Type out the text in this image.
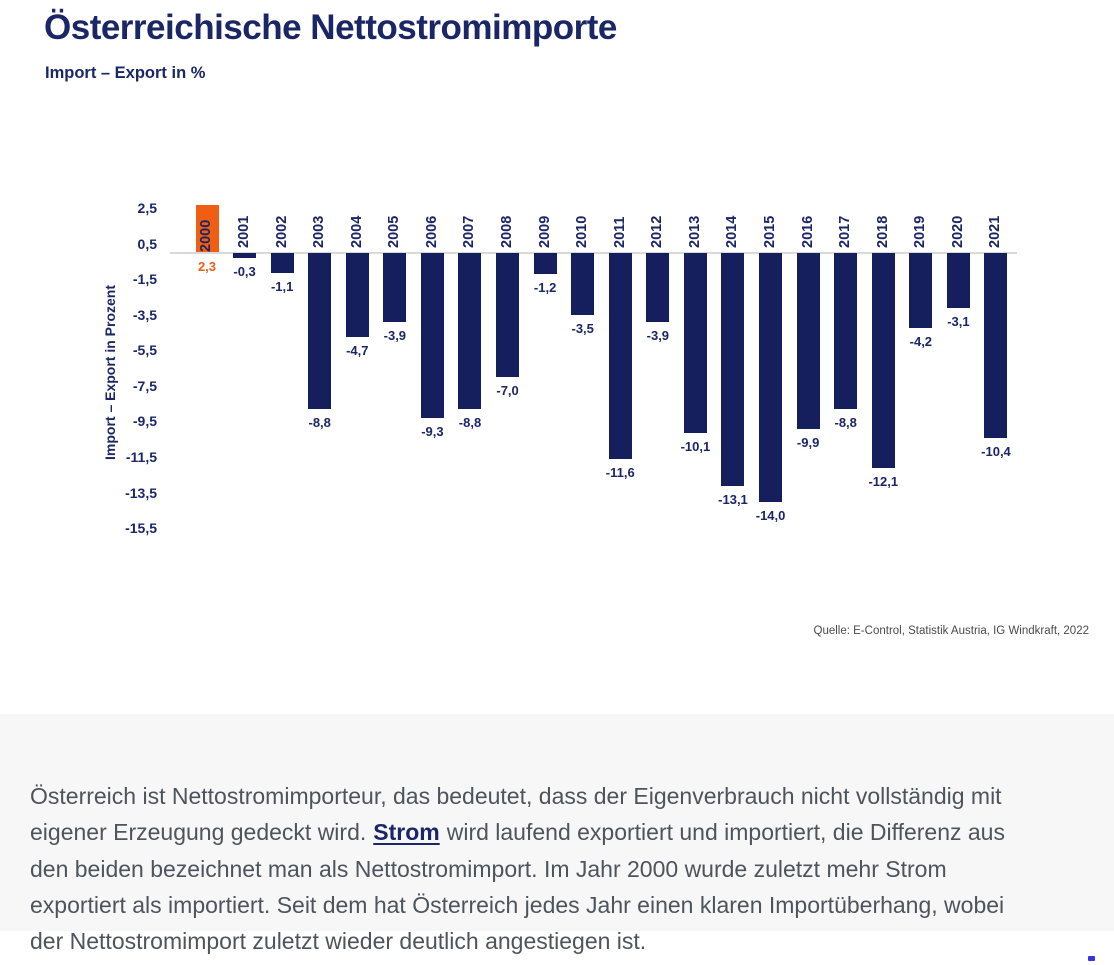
Österreichische Nettostromimporte
Import – Export in %
Import – Export in Prozent
2,5
0,5
-1,5
-3,5
-5,5
-7,5
-9,5
-11,5
-13,5
-15,5
2000
2,3
2001
-0,3
2002
-1,1
2003
-8,8
2004
-4,7
2005
-3,9
2006
-9,3
2007
-8,8
2008
-7,0
2009
-1,2
2010
-3,5
2011
-11,6
2012
-3,9
2013
-10,1
2014
-13,1
2015
-14,0
2016
-9,9
2017
-8,8
2018
-12,1
2019
-4,2
2020
-3,1
2021
-10,4
Quelle: E-Control, Statistik Austria, IG Windkraft, 2022
Österreich ist Nettostromimporteur, das bedeutet, dass der Eigenverbrauch nicht vollständig mit
eigener Erzeugung gedeckt wird. Strom wird laufend exportiert und importiert, die Differenz aus
den beiden bezeichnet man als Nettostromimport. Im Jahr 2000 wurde zuletzt mehr Strom
exportiert als importiert. Seit dem hat Österreich jedes Jahr einen klaren Importüberhang, wobei
der Nettostromimport zuletzt wieder deutlich angestiegen ist.
